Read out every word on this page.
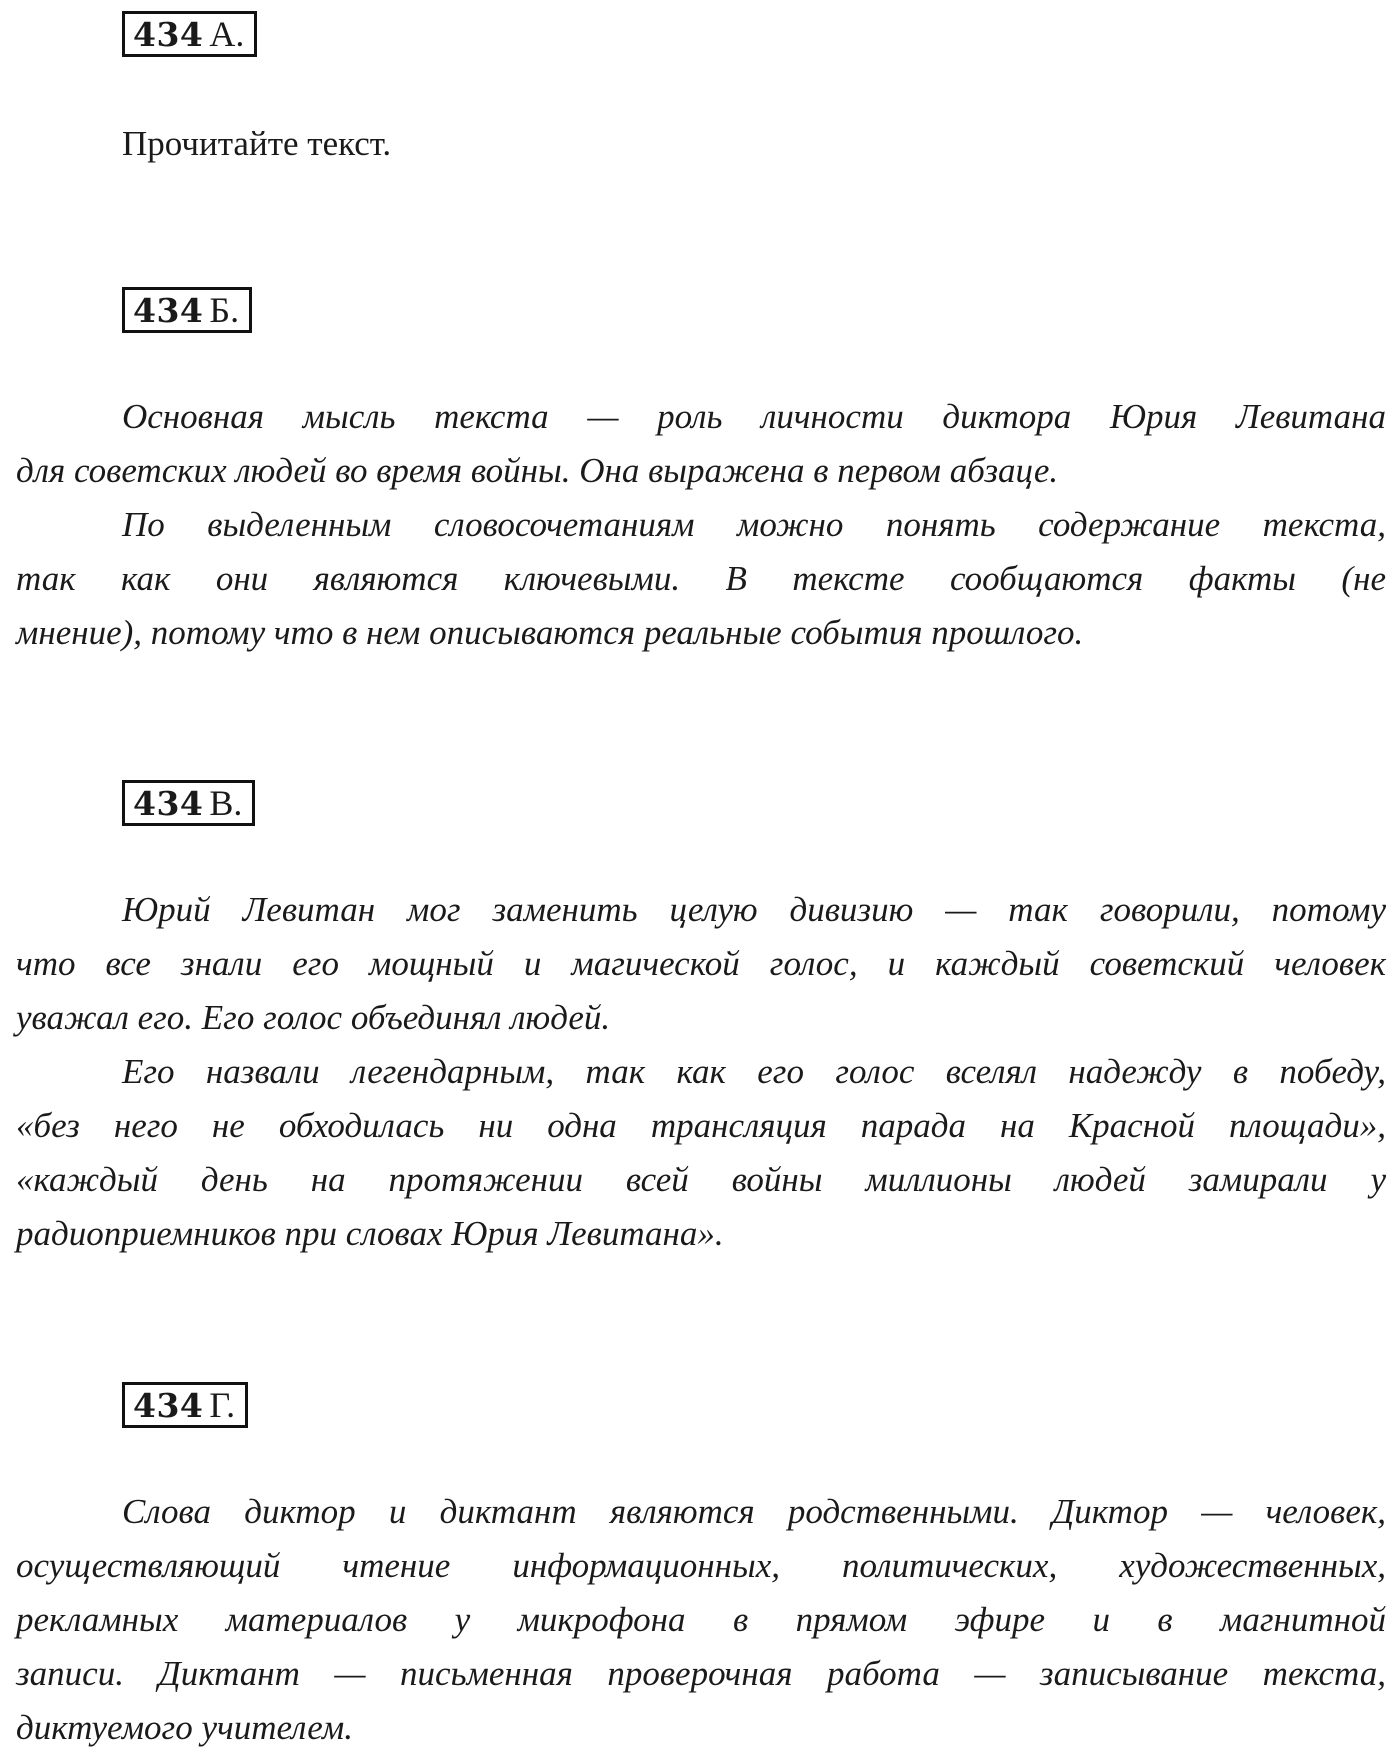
434 А.
Прочитайте текст.
434 Б.
Основная мысль текста — роль личности диктора Юрия Левитана
для советских людей во время войны. Она выражена в первом абзаце.
По выделенным словосочетаниям можно понять содержание текста,
так как они являются ключевыми. В тексте сообщаются факты (не
мнение), потому что в нем описываются реальные события прошлого.
434 В.
Юрий Левитан мог заменить целую дивизию — так говорили, потому
что все знали его мощный и магической голос, и каждый советский человек
уважал его. Его голос объединял людей.
Его назвали легендарным, так как его голос вселял надежду в победу,
«без него не обходилась ни одна трансляция парада на Красной площади»,
«каждый день на протяжении всей войны миллионы людей замирали у
радиоприемников при словах Юрия Левитана».
434 Г.
Слова диктор и диктант являются родственными. Диктор — человек,
осуществляющий чтение информационных, политических, художественных,
рекламных материалов у микрофона в прямом эфире и в магнитной
записи. Диктант — письменная проверочная работа — записывание текста,
диктуемого учителем.
